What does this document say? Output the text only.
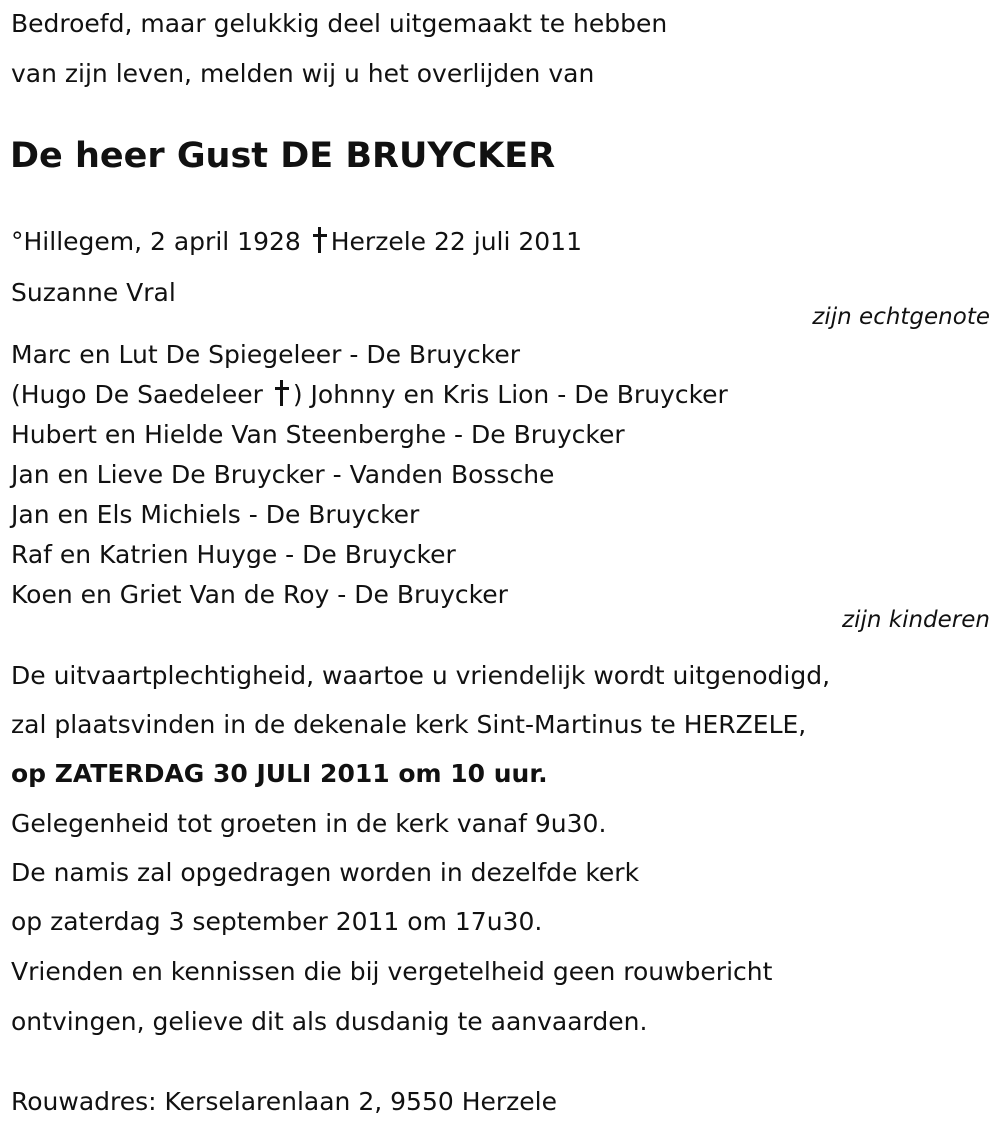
Bedroefd, maar gelukkig deel uitgemaakt te hebben

van zijn leven, melden wij u het overlijden van

De heer Gust DE BRUYCKER

°Hillegem, 2 april 1928 Herzele 22 juli 2011

Suzanne Vral

zijn echtgenote

Marc en Lut De Spiegeleer - De Bruycker

(Hugo De Saedeleer ) Johnny en Kris Lion - De Bruycker

Hubert en Hielde Van Steenberghe - De Bruycker

Jan en Lieve De Bruycker - Vanden Bossche

Jan en Els Michiels - De Bruycker

Raf en Katrien Huyge - De Bruycker

Koen en Griet Van de Roy - De Bruycker

zijn kinderen

De uitvaartplechtigheid, waartoe u vriendelijk wordt uitgenodigd,

zal plaatsvinden in de dekenale kerk Sint-Martinus te HERZELE,

op ZATERDAG 30 JULI 2011 om 10 uur.

Gelegenheid tot groeten in de kerk vanaf 9u30.

De namis zal opgedragen worden in dezelfde kerk

op zaterdag 3 september 2011 om 17u30.

Vrienden en kennissen die bij vergetelheid geen rouwbericht

ontvingen, gelieve dit als dusdanig te aanvaarden.

Rouwadres: Kerselarenlaan 2, 9550 Herzele
